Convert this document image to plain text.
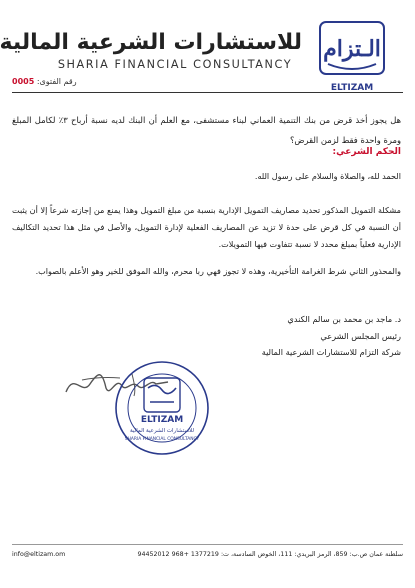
الـتزام
ELTIZAM
للاستشارات الشرعية المالية
SHARIA FINANCIAL CONSULTANCY
رقم الفتوى: 0005
هل يجوز أخذ قرض من بنك التنمية العماني لبناء مستشفى، مع العلم أن البنك لديه نسبة أرباح ٣٪ لكامل المبلغ ومرة واحدة فقط لزمن القرض؟
الحكم الشرعي:
الحمد لله، والصلاة والسلام على رسول الله.
مشكلة التمويل المذكور تحديد مصاريف التمويل الإدارية بنسبة من مبلغ التمويل وهذا يمنع من إجازته شرعاً إلا أن يثبت أن النسبة في كل قرض على حدة لا تزيد عن المصاريف الفعلية لإدارة التمويل، والأصل في مثل هذا تحديد التكاليف الإدارية فعلياً بمبلغ محدد لا نسبة تتفاوت فيها التمويلات.
والمحذور الثاني شرط الغرامة التأخيرية، وهذه لا تجوز فهي ربا محرم، والله الموفق للخير وهو الأعلم بالصواب.
د. ماجد بن محمد بن سالم الكندي
رئيس المجلس الشرعي
شركة التزام للاستشارات الشرعية المالية
ELTIZAM
للاستشارات الشرعية المالية
SHARIA FINANCIAL CONSULTANCY
info@eltizam.om	سلطنة عمان ص.ب: 859، الرمز البريدي: 111، الخوض السادسة، ت: 1377219 +968 94452012
